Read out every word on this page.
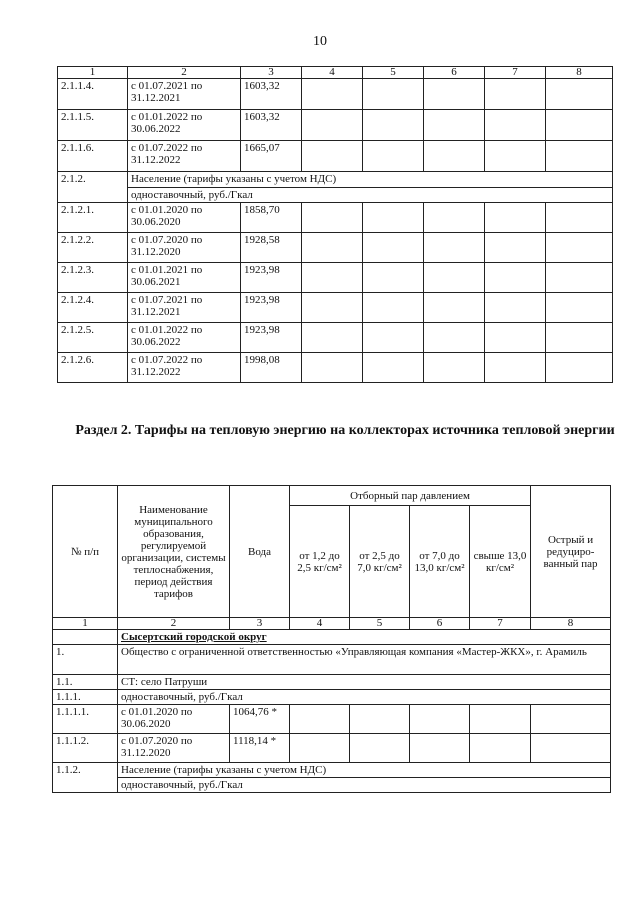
10
1	2	3	4	5	6	7	8
2.1.1.4.	с 01.07.2021 по 31.12.2021	1603,32					
2.1.1.5.	с 01.01.2022 по 30.06.2022	1603,32					
2.1.1.6.	с 01.07.2022 по 31.12.2022	1665,07					
2.1.2.	Население (тарифы указаны с учетом НДС)						
	одноставочный, руб./Гкал						
2.1.2.1.	с 01.01.2020 по 30.06.2020	1858,70					
2.1.2.2.	с 01.07.2020 по 31.12.2020	1928,58					
2.1.2.3.	с 01.01.2021 по 30.06.2021	1923,98					
2.1.2.4.	с 01.07.2021 по 31.12.2021	1923,98					
2.1.2.5.	с 01.01.2022 по 30.06.2022	1923,98					
2.1.2.6.	с 01.07.2022 по 31.12.2022	1998,08					
Раздел 2. Тарифы на тепловую энергию на коллекторах источника тепловой энергии
№ п/п	Наименование муниципального образования, регулируемой организации, системы теплоснабжения, период действия тарифов	Вода	Отборный пар давлением				Острый и редуциро-ванный пар
			от 1,2 до 2,5 кг/см²	от 2,5 до 7,0 кг/см²	от 7,0 до 13,0 кг/см²	свыше 13,0 кг/см²	
1	2	3	4	5	6	7	8
	Сысертский городской округ						
1.	Общество с ограниченной ответственностью «Управляющая компания «Мастер-ЖКХ», г. Арамиль						
1.1.	СТ: село Патруши						
1.1.1.	одноставочный, руб./Гкал						
1.1.1.1.	с 01.01.2020 по 30.06.2020	1064,76 *					
1.1.1.2.	с 01.07.2020 по 31.12.2020	1118,14 *					
1.1.2.	Население (тарифы указаны с учетом НДС)						
	одноставочный, руб./Гкал						
